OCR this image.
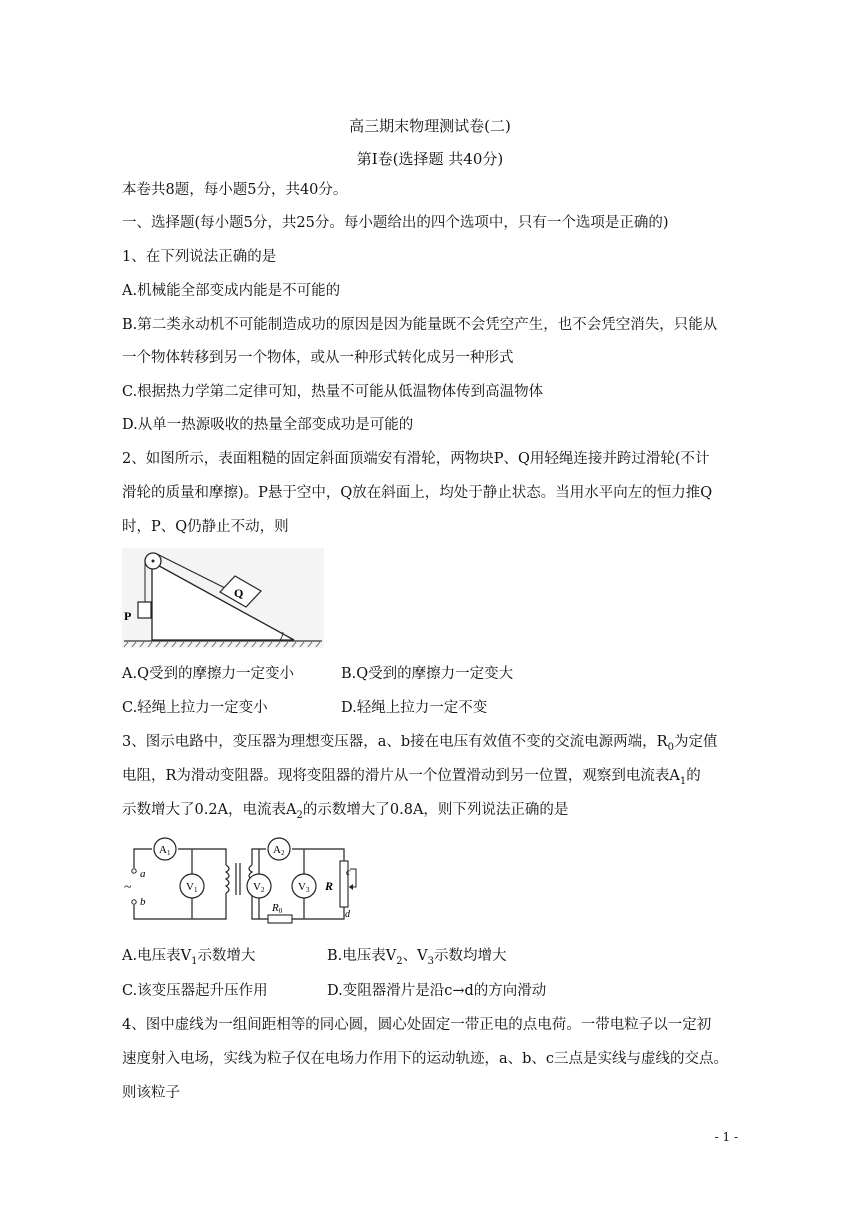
高三期末物理测试卷(二)
第Ⅰ卷(选择题 共40分)
本卷共8题，每小题5分，共40分。
一、选择题(每小题5分，共25分。每小题给出的四个选项中，只有一个选项是正确的)
1、在下列说法正确的是
A.机械能全部变成内能是不可能的
B.第二类永动机不可能制造成功的原因是因为能量既不会凭空产生，也不会凭空消失，只能从
一个物体转移到另一个物体，或从一种形式转化成另一种形式
C.根据热力学第二定律可知，热量不可能从低温物体传到高温物体
D.从单一热源吸收的热量全部变成功是可能的
2、如图所示，表面粗糙的固定斜面顶端安有滑轮，两物块P、Q用轻绳连接并跨过滑轮(不计
滑轮的质量和摩擦)。P悬于空中，Q放在斜面上，均处于静止状态。当用水平向左的恒力推Q
时，P、Q仍静止不动，则
P
Q
A.Q受到的摩擦力一定变小	B.Q受到的摩擦力一定变大
C.轻绳上拉力一定变小	D.轻绳上拉力一定不变
3、图示电路中，变压器为理想变压器，a、b接在电压有效值不变的交流电源两端，$R_0$为定值
电阻，R为滑动变阻器。现将变阻器的滑片从一个位置滑动到另一位置，观察到电流表$A_1$的
示数增大了0.2A，电流表$A_2$的示数增大了0.8A，则下列说法正确的是
~
a
b
A1
V1
A2
V2	V3
R0
R
c
d
A.电压表$V_1$示数增大	B.电压表$V_2$、$V_3$示数均增大
C.该变压器起升压作用	D.变阻器滑片是沿c→d的方向滑动
4、图中虚线为一组间距相等的同心圆，圆心处固定一带正电的点电荷。一带电粒子以一定初
速度射入电场，实线为粒子仅在电场力作用下的运动轨迹，a、b、c三点是实线与虚线的交点。
则该粒子
- 1 -
